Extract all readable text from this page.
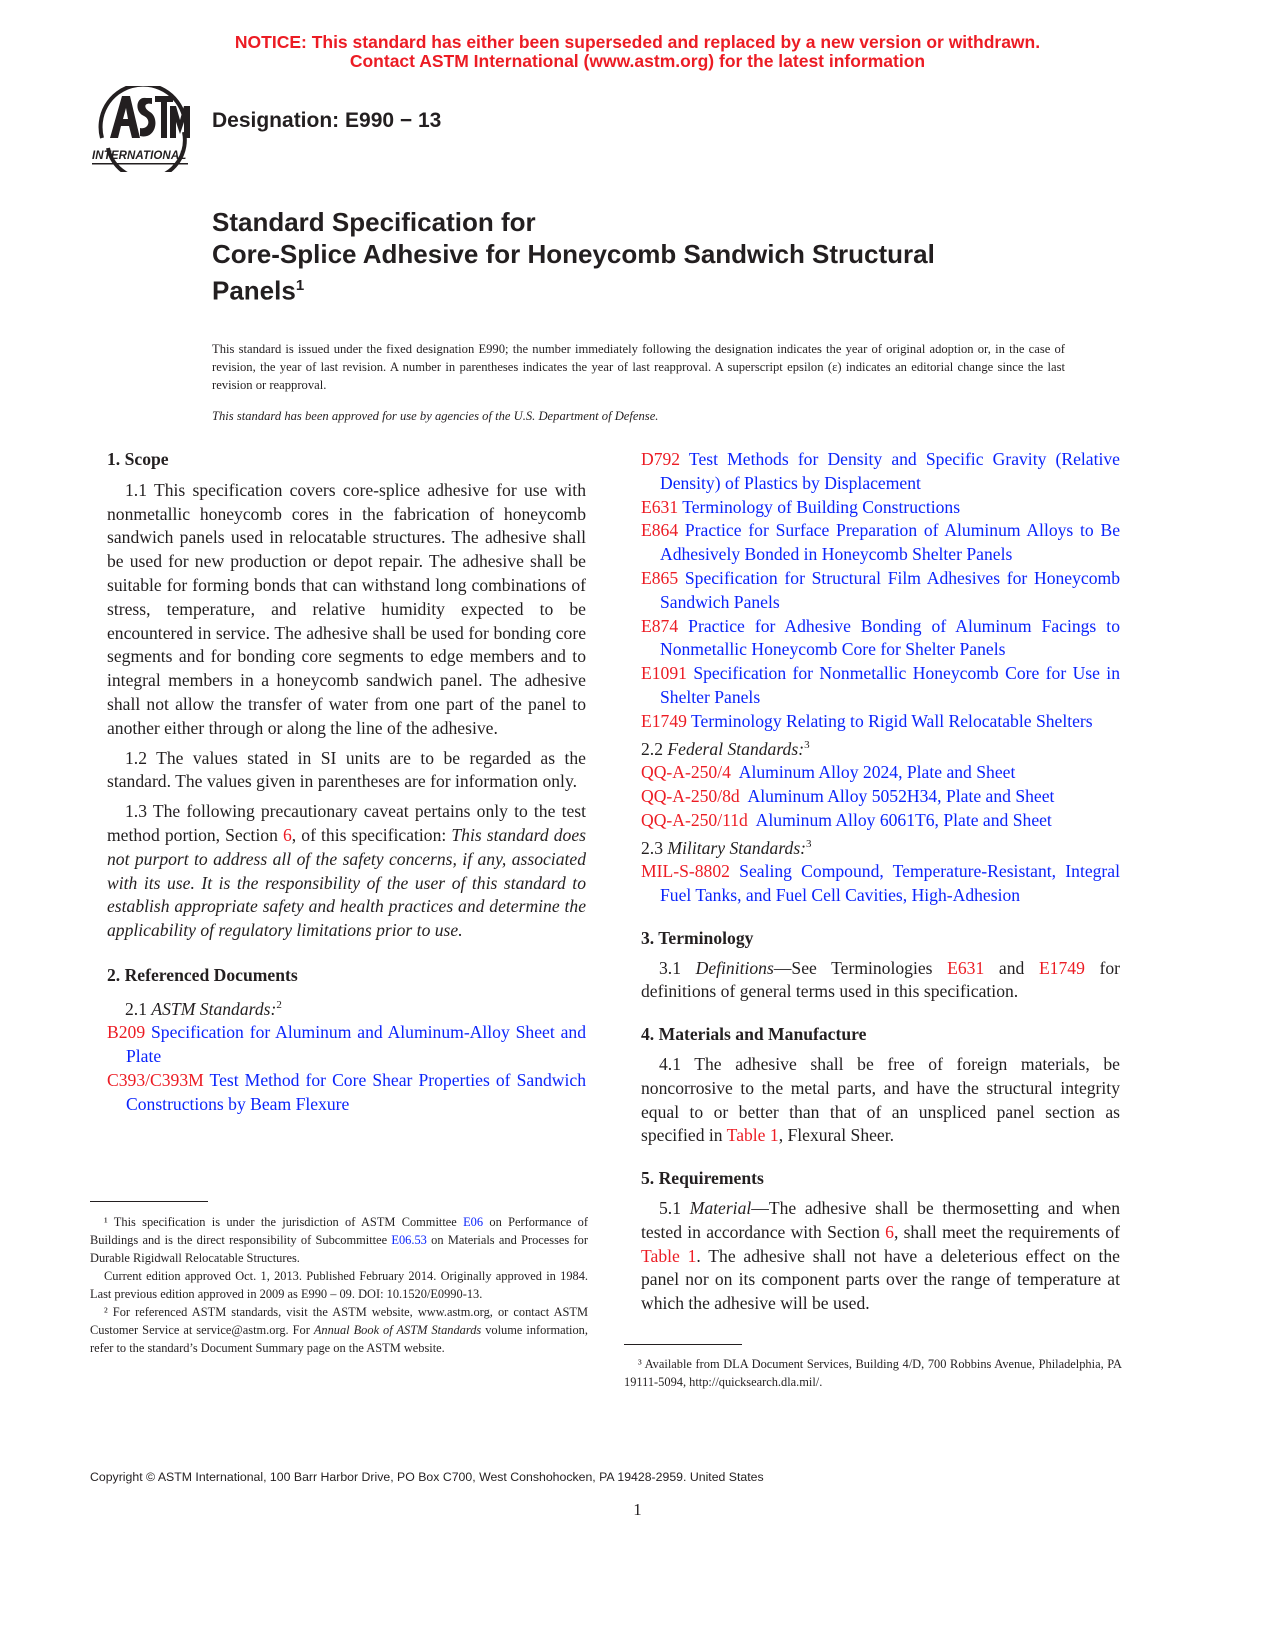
NOTICE: This standard has either been superseded and replaced by a new version or withdrawn.
Contact ASTM International (www.astm.org) for the latest information
INTERNATIONAL
Designation: E990 − 13
Standard Specification for
Core-Splice Adhesive for Honeycomb Sandwich Structural
Panels$^1$

This standard is issued under the fixed designation E990; the number immediately following the designation indicates the year of original adoption or, in the case of revision, the year of last revision. A number in parentheses indicates the year of last reapproval. A superscript epsilon (ε) indicates an editorial change since the last revision or reapproval.

This standard has been approved for use by agencies of the U.S. Department of Defense.
1. Scope

1.1 This specification covers core-splice adhesive for use with nonmetallic honeycomb cores in the fabrication of honeycomb sandwich panels used in relocatable structures. The adhesive shall be used for new production or depot repair. The adhesive shall be suitable for forming bonds that can withstand long combinations of stress, temperature, and relative humidity expected to be encountered in service. The adhesive shall be used for bonding core segments and for bonding core segments to edge members and to integral members in a honeycomb sandwich panel. The adhesive shall not allow the transfer of water from one part of the panel to another either through or along the line of the adhesive.

1.2 The values stated in SI units are to be regarded as the standard. The values given in parentheses are for information only.

1.3 The following precautionary caveat pertains only to the test method portion, Section 6, of this specification: This standard does not purport to address all of the safety concerns, if any, associated with its use. It is the responsibility of the user of this standard to establish appropriate safety and health practices and determine the applicability of regulatory limitations prior to use.

2. Referenced Documents

2.1 ASTM Standards:$^2$

B209 Specification for Aluminum and Aluminum-Alloy Sheet and Plate

C393/C393M Test Method for Core Shear Properties of Sandwich Constructions by Beam Flexure

¹ This specification is under the jurisdiction of ASTM Committee E06 on Performance of Buildings and is the direct responsibility of Subcommittee E06.53 on Materials and Processes for Durable Rigidwall Relocatable Structures.

Current edition approved Oct. 1, 2013. Published February 2014. Originally approved in 1984. Last previous edition approved in 2009 as E990 – 09. DOI: 10.1520/E0990-13.

² For referenced ASTM standards, visit the ASTM website, www.astm.org, or contact ASTM Customer Service at service@astm.org. For Annual Book of ASTM Standards volume information, refer to the standard’s Document Summary page on the ASTM website.

D792 Test Methods for Density and Specific Gravity (Relative Density) of Plastics by Displacement

E631 Terminology of Building Constructions

E864 Practice for Surface Preparation of Aluminum Alloys to Be Adhesively Bonded in Honeycomb Shelter Panels

E865 Specification for Structural Film Adhesives for Honeycomb Sandwich Panels

E874 Practice for Adhesive Bonding of Aluminum Facings to Nonmetallic Honeycomb Core for Shelter Panels

E1091 Specification for Nonmetallic Honeycomb Core for Use in Shelter Panels

E1749 Terminology Relating to Rigid Wall Relocatable Shelters

2.2 Federal Standards:$^3$

QQ-A-250/4  Aluminum Alloy 2024, Plate and Sheet

QQ-A-250/8d  Aluminum Alloy 5052H34, Plate and Sheet

QQ-A-250/11d  Aluminum Alloy 6061T6, Plate and Sheet

2.3 Military Standards:$^3$

MIL-S-8802 Sealing Compound, Temperature-Resistant, Integral Fuel Tanks, and Fuel Cell Cavities, High-Adhesion

3. Terminology

3.1 Definitions—See Terminologies E631 and E1749 for definitions of general terms used in this specification.

4. Materials and Manufacture

4.1 The adhesive shall be free of foreign materials, be noncorrosive to the metal parts, and have the structural integrity equal to or better than that of an unspliced panel section as specified in Table 1, Flexural Sheer.

5. Requirements

5.1 Material—The adhesive shall be thermosetting and when tested in accordance with Section 6, shall meet the requirements of Table 1. The adhesive shall not have a deleterious effect on the panel nor on its component parts over the range of temperature at which the adhesive will be used.

³ Available from DLA Document Services, Building 4/D, 700 Robbins Avenue, Philadelphia, PA 19111-5094, http://quicksearch.dla.mil/.

Copyright © ASTM International, 100 Barr Harbor Drive, PO Box C700, West Conshohocken, PA 19428-2959. United States
1
